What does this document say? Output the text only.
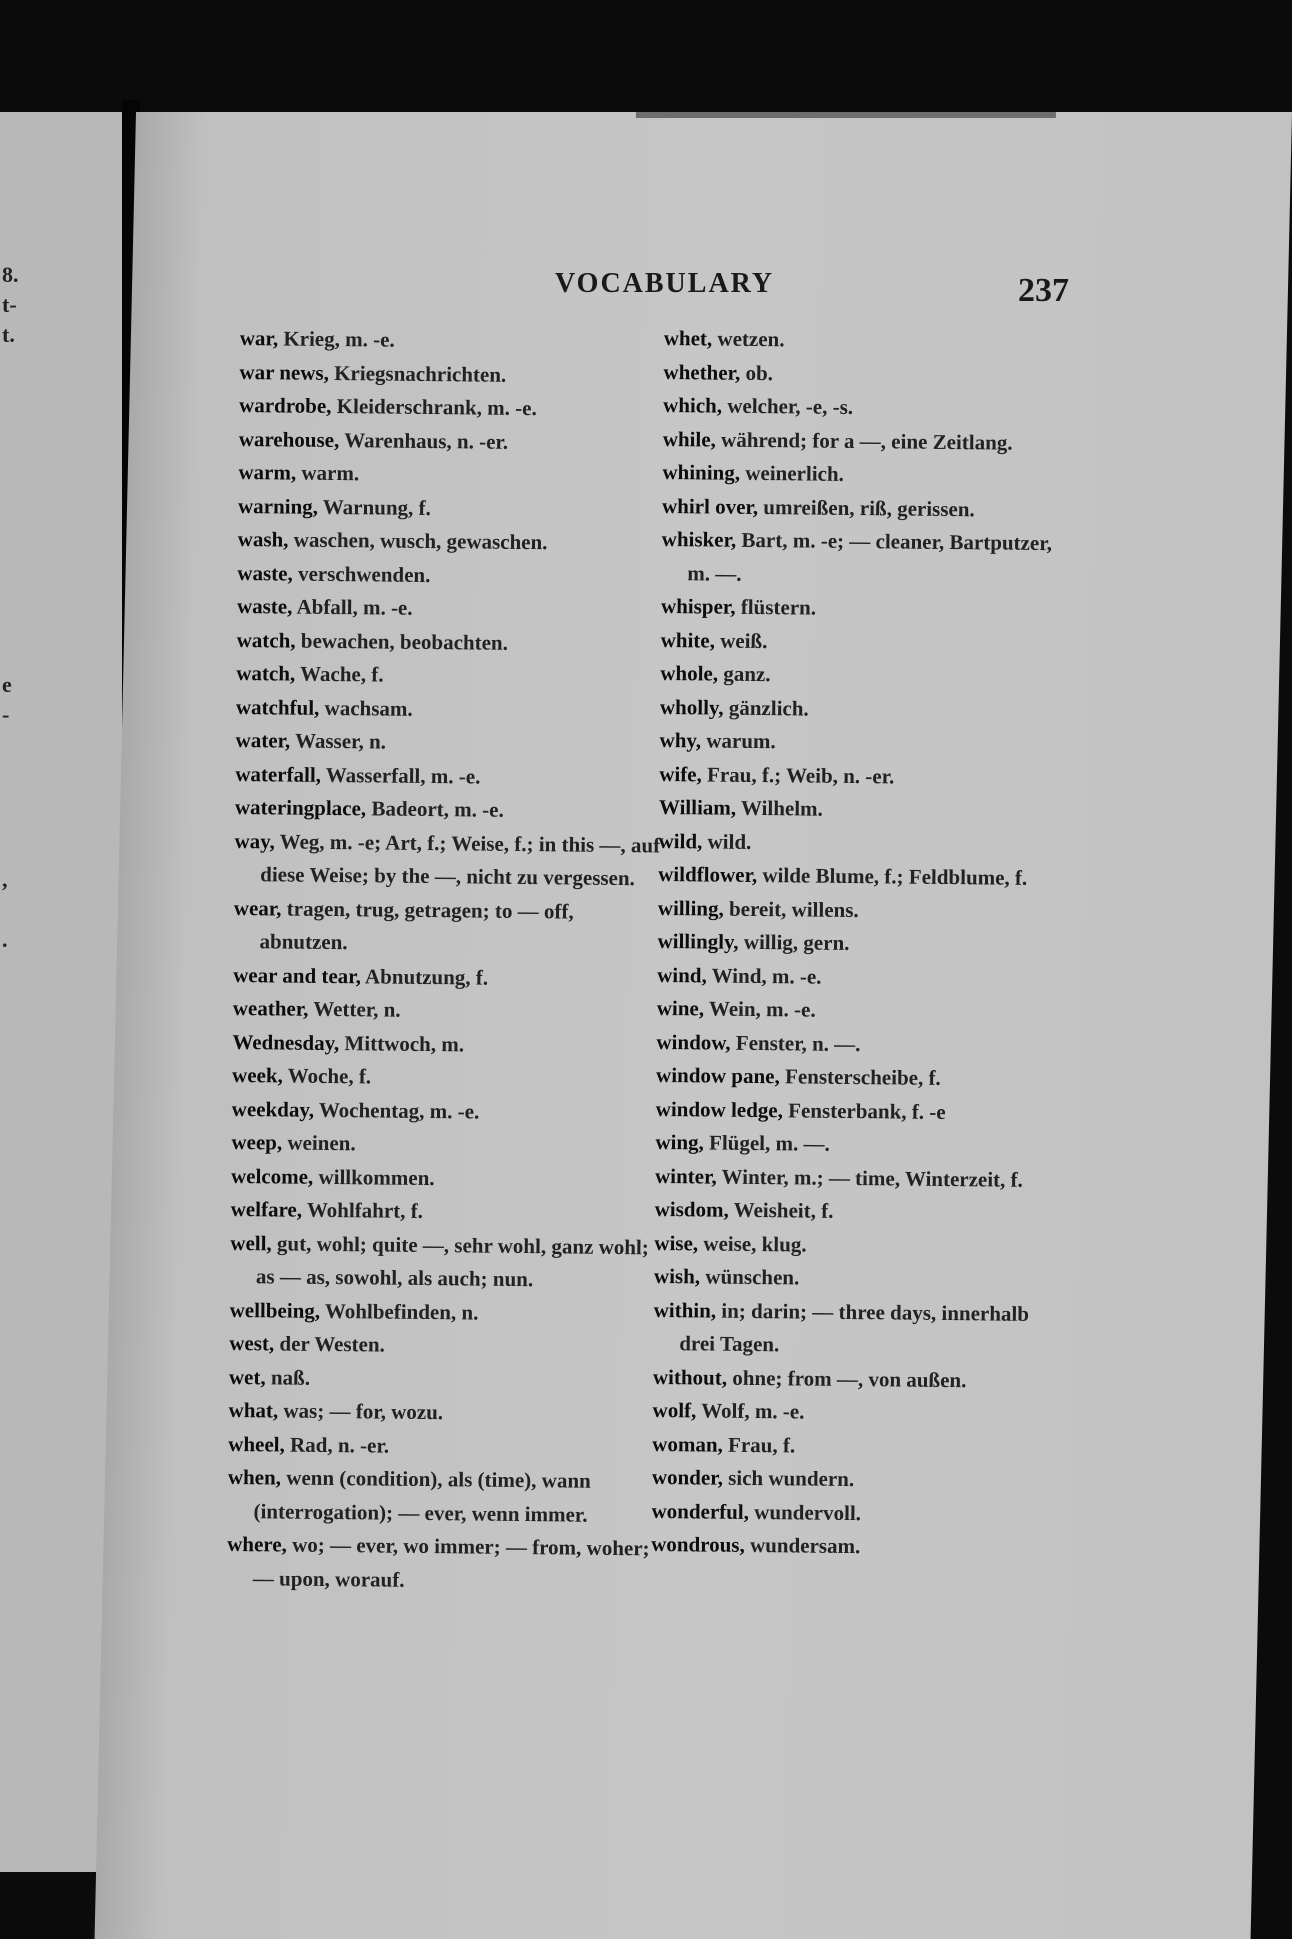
8.
t-
t.
e
-
,
.
VOCABULARY	237
war, Krieg, m. -e.
war news, Kriegsnachrichten.
wardrobe, Kleiderschrank, m. -e.
warehouse, Warenhaus, n. -er.
warm, warm.
warning, Warnung, f.
wash, waschen, wusch, gewaschen.
waste, verschwenden.
waste, Abfall, m. -e.
watch, bewachen, beobachten.
watch, Wache, f.
watchful, wachsam.
water, Wasser, n.
waterfall, Wasserfall, m. -e.
wateringplace, Badeort, m. -e.
way, Weg, m. -e; Art, f.; Weise, f.; in this —, auf diese Weise; by the —, nicht zu vergessen.
wear, tragen, trug, getragen; to — off, abnutzen.
wear and tear, Abnutzung, f.
weather, Wetter, n.
Wednesday, Mittwoch, m.
week, Woche, f.
weekday, Wochentag, m. -e.
weep, weinen.
welcome, willkommen.
welfare, Wohlfahrt, f.
well, gut, wohl; quite —, sehr wohl, ganz wohl; as — as, sowohl, als auch; nun.
wellbeing, Wohlbefinden, n.
west, der Westen.
wet, naß.
what, was; — for, wozu.
wheel, Rad, n. -er.
when, wenn (condition), als (time), wann (interrogation); — ever, wenn immer.
where, wo; — ever, wo immer; — from, woher; — upon, worauf.
whet, wetzen.
whether, ob.
which, welcher, -e, -s.
while, während; for a —, eine Zeitlang.
whining, weinerlich.
whirl over, umreißen, riß, gerissen.
whisker, Bart, m. -e; — cleaner, Bartputzer, m. —.
whisper, flüstern.
white, weiß.
whole, ganz.
wholly, gänzlich.
why, warum.
wife, Frau, f.; Weib, n. -er.
William, Wilhelm.
wild, wild.
wildflower, wilde Blume, f.; Feldblume, f.
willing, bereit, willens.
willingly, willig, gern.
wind, Wind, m. -e.
wine, Wein, m. -e.
window, Fenster, n. —.
window pane, Fensterscheibe, f.
window ledge, Fensterbank, f. -e
wing, Flügel, m. —.
winter, Winter, m.; — time, Winterzeit, f.
wisdom, Weisheit, f.
wise, weise, klug.
wish, wünschen.
within, in; darin; — three days, innerhalb drei Tagen.
without, ohne; from —, von außen.
wolf, Wolf, m. -e.
woman, Frau, f.
wonder, sich wundern.
wonderful, wundervoll.
wondrous, wundersam.
